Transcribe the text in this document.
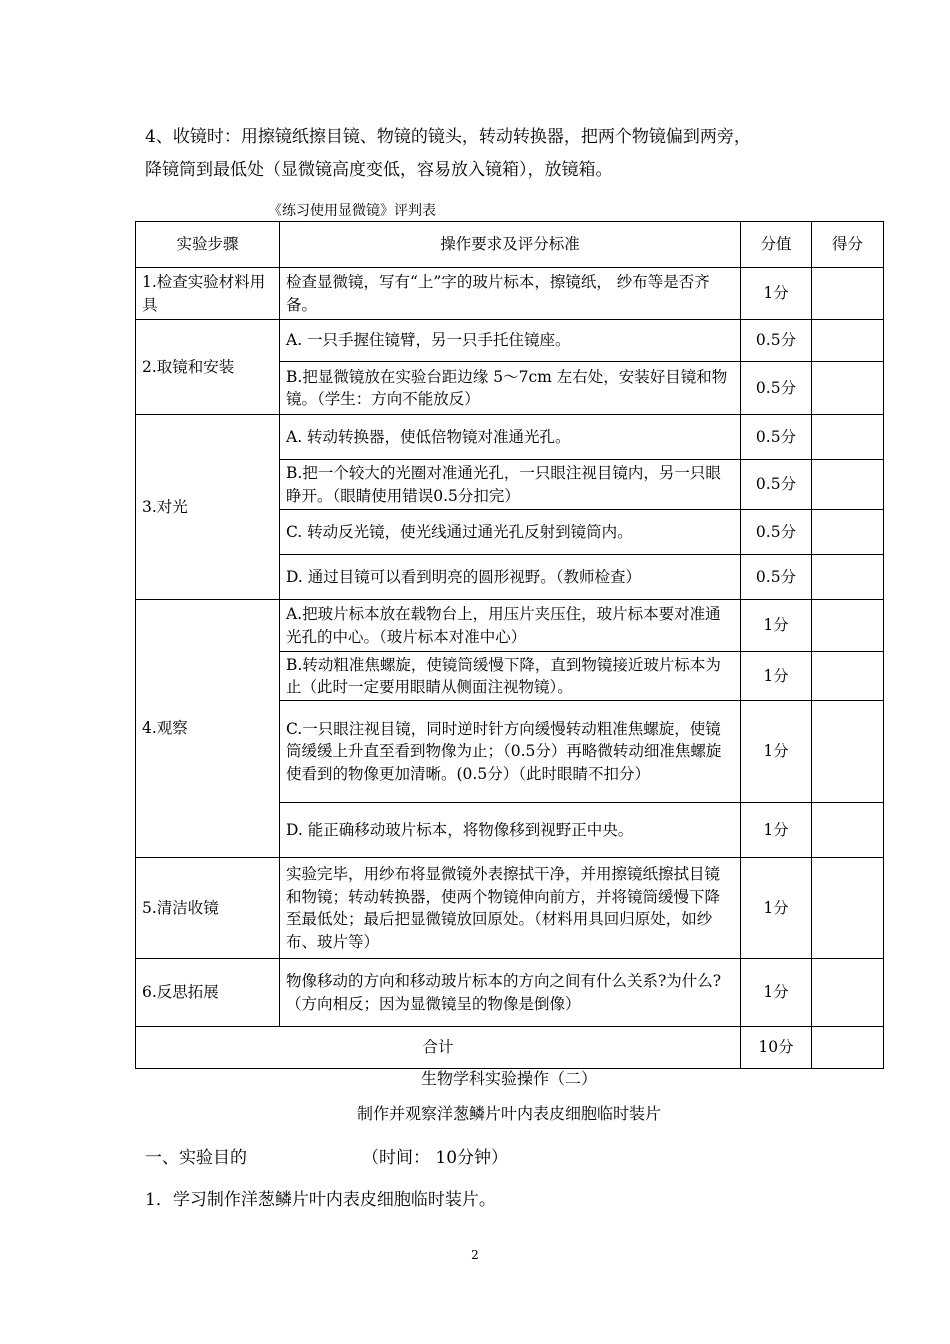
4、收镜时：用擦镜纸擦目镜、物镜的镜头，转动转换器，把两个物镜偏到两旁，
降镜筒到最低处（显微镜高度变低，容易放入镜箱），放镜箱。
《练习使用显微镜》评判表
实验步骤	操作要求及评分标准	分值	得分
1.检查实验材料用具	检查显微镜，写有“上”字的玻片标本，擦镜纸， 纱布等是否齐备。	1分	
2.取镜和安装	A. 一只手握住镜臂，另一只手托住镜座。	0.5分	
	B.把显微镜放在实验台距边缘 5～7cm 左右处，安装好目镜和物镜。（学生：方向不能放反）	0.5分	
3.对光	A. 转动转换器，使低倍物镜对准通光孔。	0.5分	
	B.把一个较大的光圈对准通光孔，一只眼注视目镜内，另一只眼睁开。（眼睛使用错误0.5分扣完）	0.5分	
	C. 转动反光镜，使光线通过通光孔反射到镜筒内。	0.5分	
	D. 通过目镜可以看到明亮的圆形视野。（教师检查）	0.5分	
4.观察	A.把玻片标本放在载物台上，用压片夹压住，玻片标本要对准通光孔的中心。（玻片标本对准中心）	1分	
	B.转动粗准焦螺旋，使镜筒缓慢下降，直到物镜接近玻片标本为止（此时一定要用眼睛从侧面注视物镜）。	1分	
	C.一只眼注视目镜，同时逆时针方向缓慢转动粗准焦螺旋，使镜筒缓缓上升直至看到物像为止；（0.5分）再略微转动细准焦螺旋使看到的物像更加清晰。(0.5分）（此时眼睛不扣分）	1分	
	D. 能正确移动玻片标本，将物像移到视野正中央。	1分	
5.清洁收镜	实验完毕，用纱布将显微镜外表擦拭干净，并用擦镜纸擦拭目镜和物镜；转动转换器，使两个物镜伸向前方，并将镜筒缓慢下降至最低处；最后把显微镜放回原处。（材料用具回归原处，如纱布、玻片等）	1分	
6.反思拓展	物像移动的方向和移动玻片标本的方向之间有什么关系?为什么?（方向相反；因为显微镜呈的物像是倒像）	1分	
合计		10分	
生物学科实验操作（二）
制作并观察洋葱鳞片叶内表皮细胞临时装片
一、实验目的	（时间： 10分钟）
1．学习制作洋葱鳞片叶内表皮细胞临时装片。
2
